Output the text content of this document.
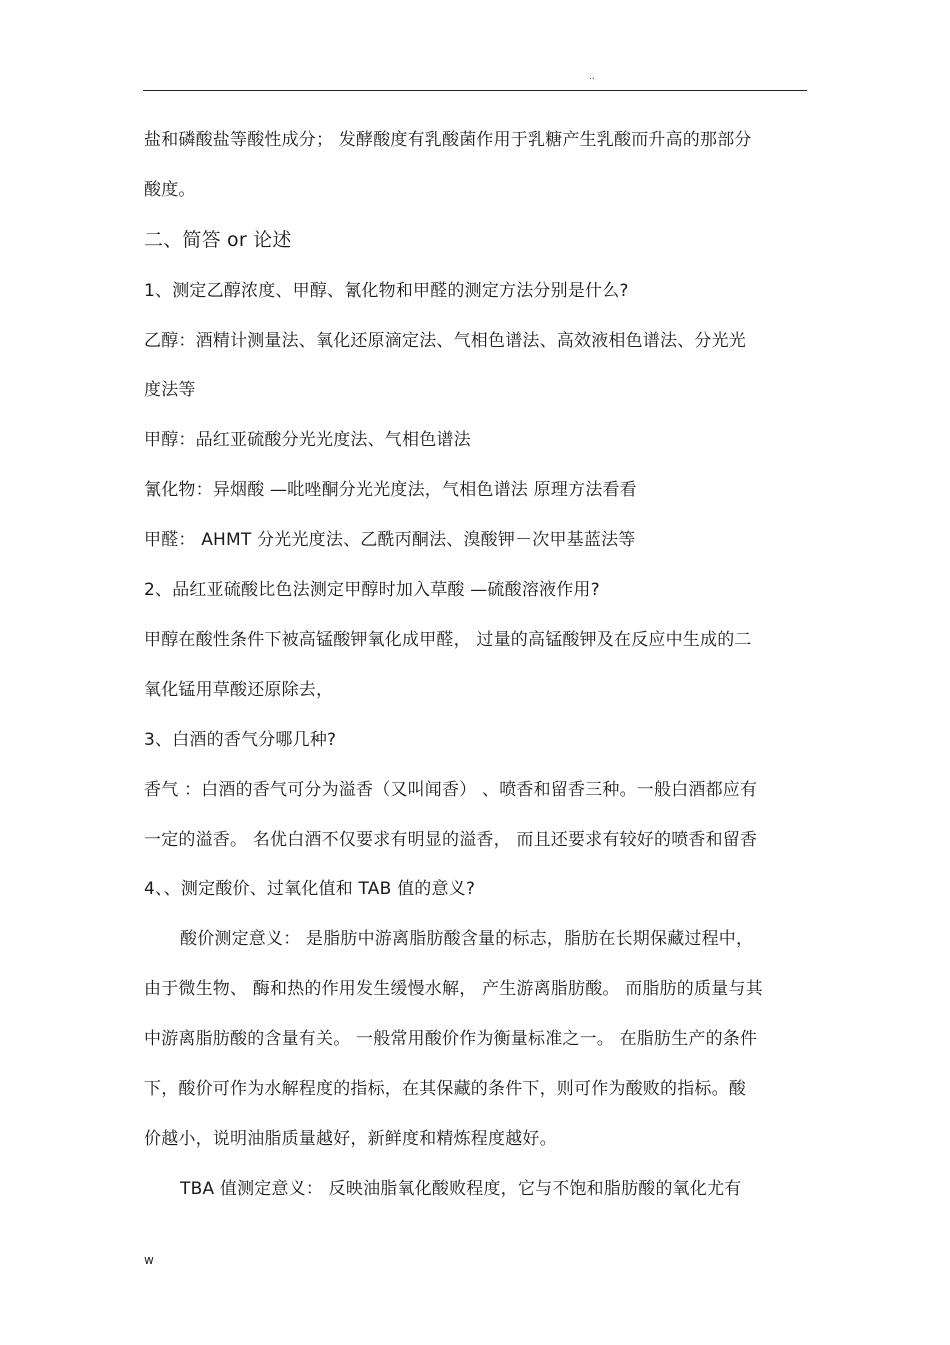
..
盐和磷酸盐等酸性成分； 发酵酸度有乳酸菌作用于乳糖产生乳酸而升高的那部分
酸度。
二、简答 or 论述
1、测定乙醇浓度、甲醇、氰化物和甲醛的测定方法分别是什么?
乙醇：酒精计测量法、氧化还原滴定法、气相色谱法、高效液相色谱法、分光光
度法等
甲醇：品红亚硫酸分光光度法、气相色谱法
氰化物：异烟酸 —吡唑酮分光光度法，气相色谱法 原理方法看看
甲醛： AHMT 分光光度法、乙酰丙酮法、溴酸钾－次甲基蓝法等
2、品红亚硫酸比色法测定甲醇时加入草酸 —硫酸溶液作用?
甲醇在酸性条件下被高锰酸钾氧化成甲醛， 过量的高锰酸钾及在反应中生成的二
氧化锰用草酸还原除去，
3、白酒的香气分哪几种?
香气 ：白酒的香气可分为溢香（又叫闻香） 、喷香和留香三种。一般白酒都应有
一定的溢香。 名优白酒不仅要求有明显的溢香， 而且还要求有较好的喷香和留香
4、、测定酸价、过氧化值和 TAB 值的意义?
酸价测定意义： 是脂肪中游离脂肪酸含量的标志，脂肪在长期保藏过程中，
由于微生物、 酶和热的作用发生缓慢水解， 产生游离脂肪酸。 而脂肪的质量与其
中游离脂肪酸的含量有关。 一般常用酸价作为衡量标准之一。 在脂肪生产的条件
下，酸价可作为水解程度的指标，在其保藏的条件下，则可作为酸败的指标。酸
价越小，说明油脂质量越好，新鲜度和精炼程度越好。
TBA 值测定意义： 反映油脂氧化酸败程度，它与不饱和脂肪酸的氧化尤有
w
